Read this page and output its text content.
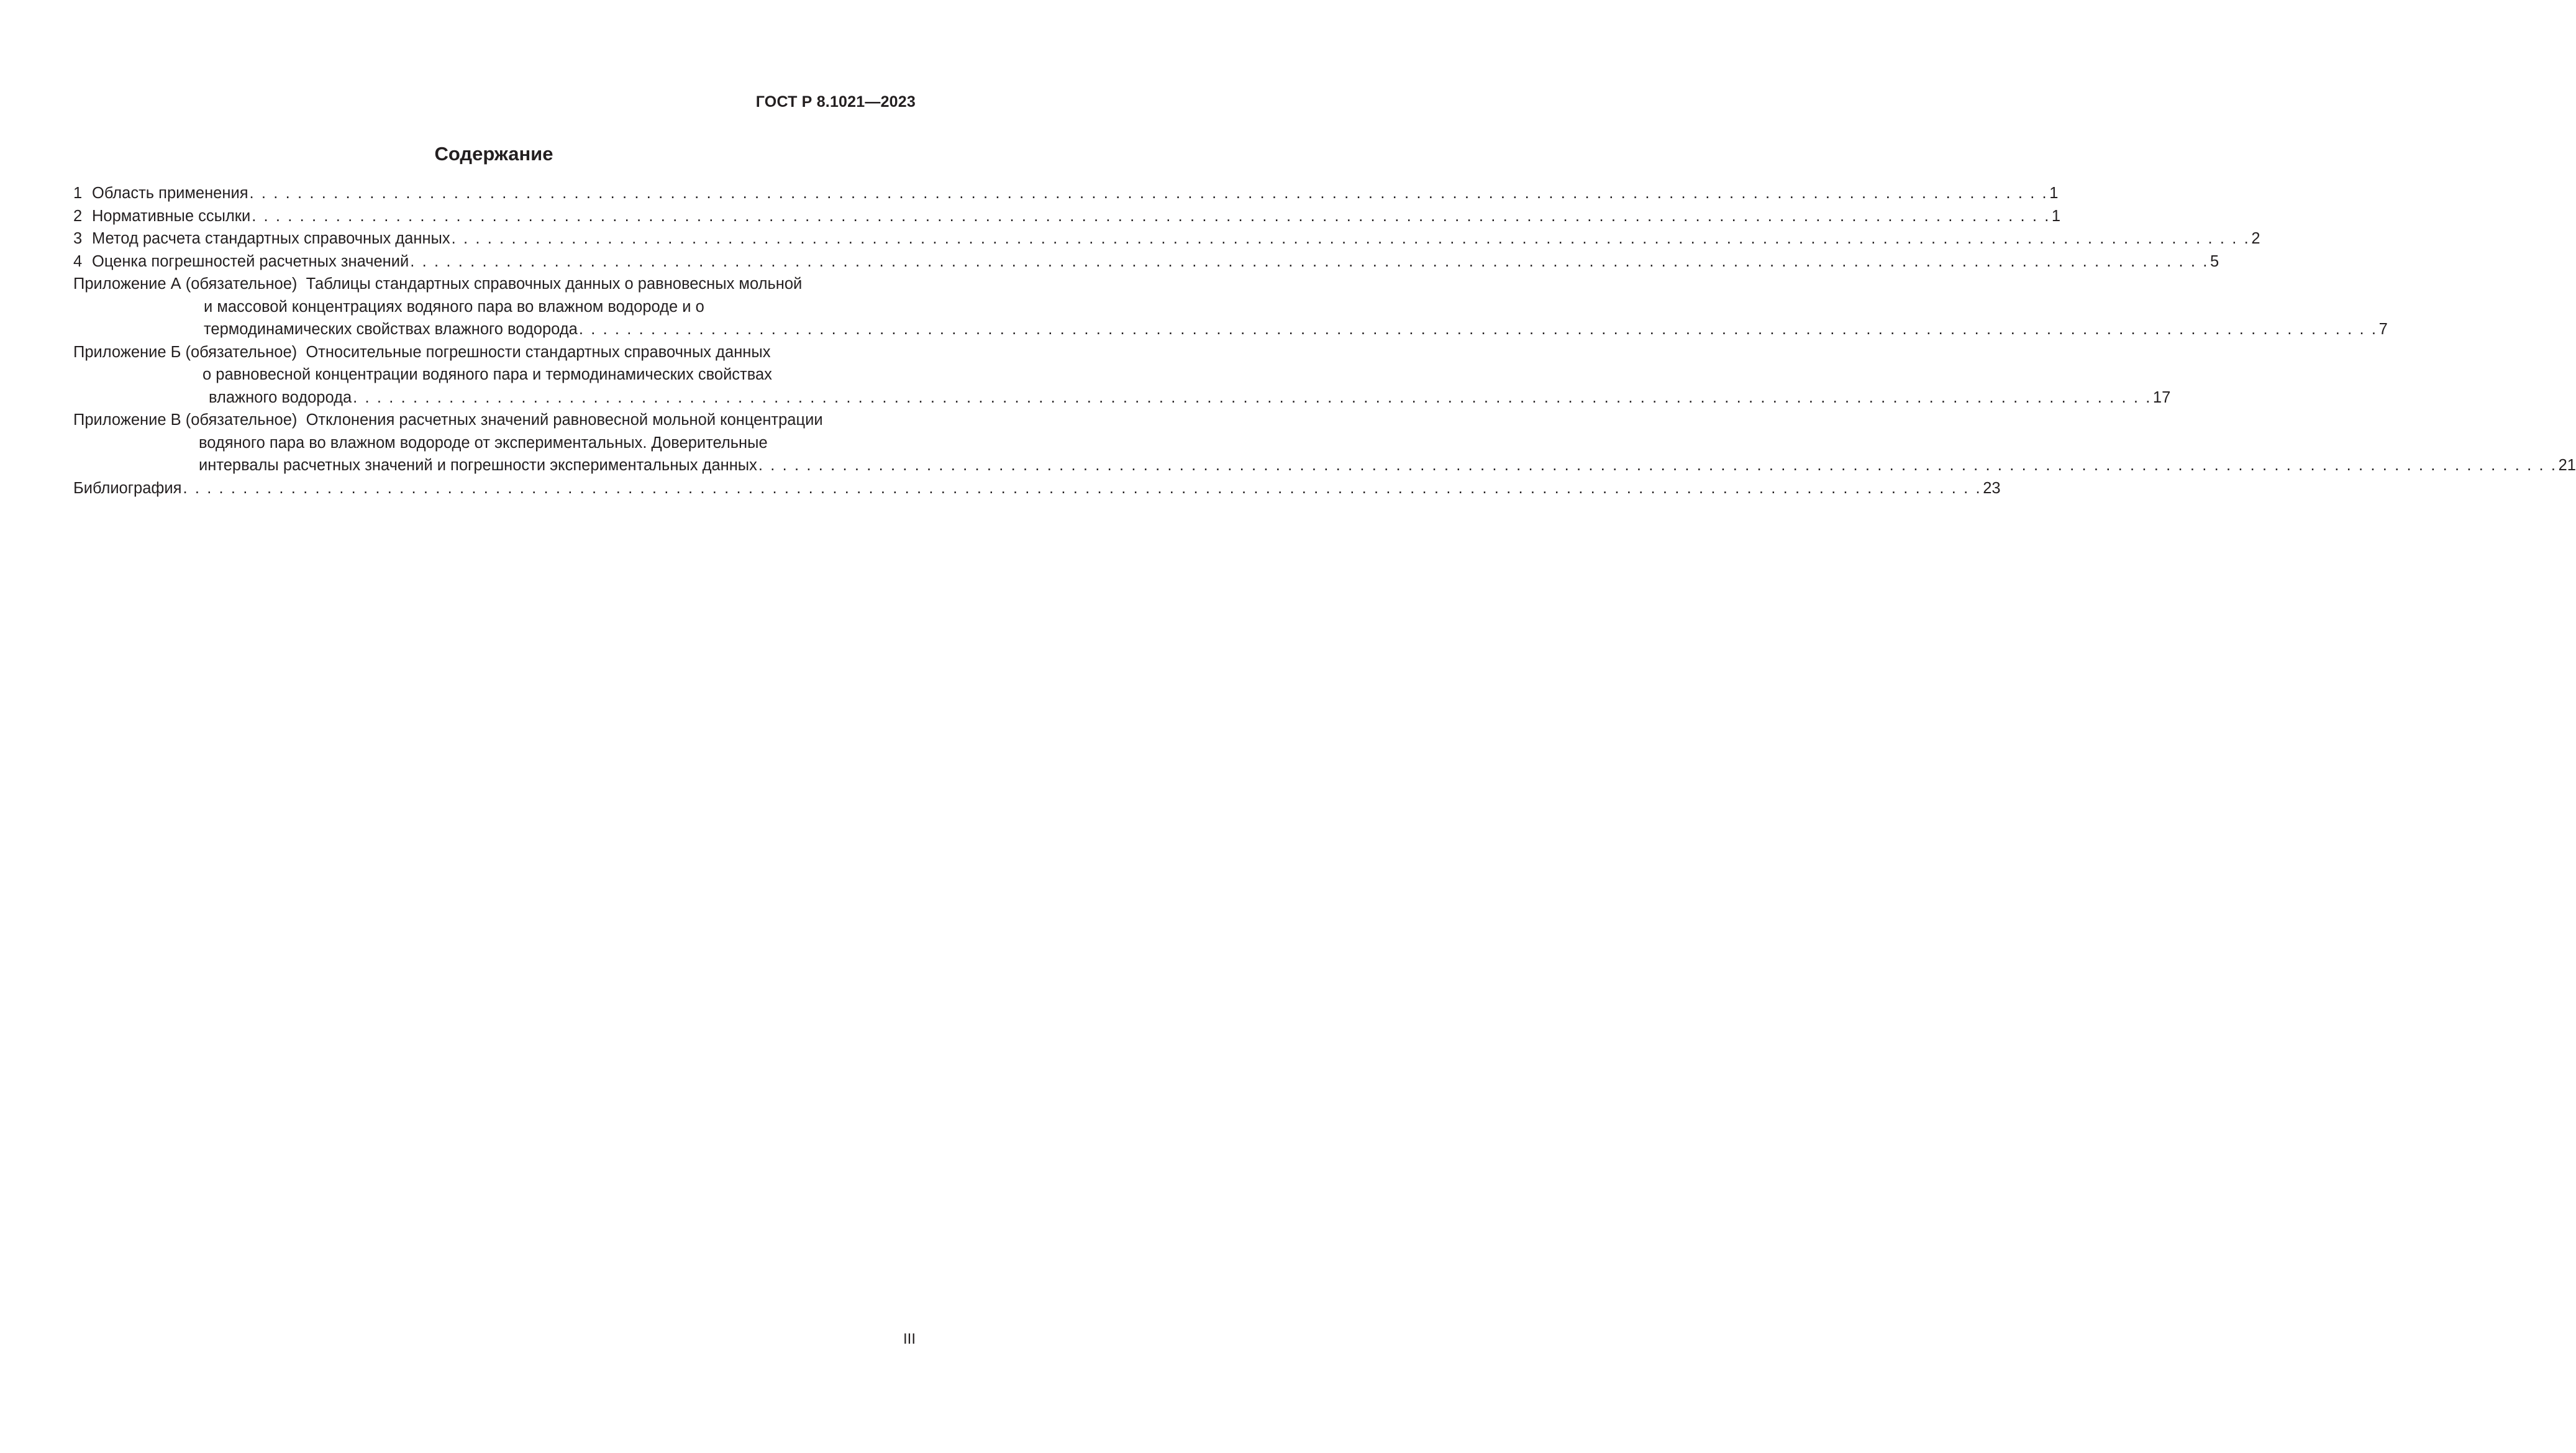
ГОСТ Р 8.1021—2023
Содержание
1 Область применения . . . . . . . . . . . . . . . . . . . . . . . . . . . . . . . . . . . . . . . . . . . . . . . . . . . . . . . . . . . . . . . . . . . . . . . . . . . . . . . . . . . . . . . . . . . . . . . . . . . . . . . . . . . . . . . . . . . . . . . . . . . . . . . . . . . . . . . . . . . . . . . . . . . . . . 1
2 Нормативные ссылки . . . . . . . . . . . . . . . . . . . . . . . . . . . . . . . . . . . . . . . . . . . . . . . . . . . . . . . . . . . . . . . . . . . . . . . . . . . . . . . . . . . . . . . . . . . . . . . . . . . . . . . . . . . . . . . . . . . . . . . . . . . . . . . . . . . . . . . . . . . . . . . . . . . . . . 1
3 Метод расчета стандартных справочных данных . . . . . . . . . . . . . . . . . . . . . . . . . . . . . . . . . . . . . . . . . . . . . . . . . . . . . . . . . . . . . . . . . . . . . . . . . . . . . . . . . . . . . . . . . . . . . . . . . . . . . . . . . . . . . . . . . . . . . . . . . . . . . . . . . . . . . . . . . . . . . . . . . . . . . . 2
4 Оценка погрешностей расчетных значений . . . . . . . . . . . . . . . . . . . . . . . . . . . . . . . . . . . . . . . . . . . . . . . . . . . . . . . . . . . . . . . . . . . . . . . . . . . . . . . . . . . . . . . . . . . . . . . . . . . . . . . . . . . . . . . . . . . . . . . . . . . . . . . . . . . . . . . . . . . . . . . . . . . . . . 5
Приложение А (обязательное) Таблицы стандартных справочных данных о равновесных мольной
и массовой концентрациях водяного пара во влажном водороде и о
термодинамических свойствах влажного водорода . . . . . . . . . . . . . . . . . . . . . . . . . . . . . . . . . . . . . . . . . . . . . . . . . . . . . . . . . . . . . . . . . . . . . . . . . . . . . . . . . . . . . . . . . . . . . . . . . . . . . . . . . . . . . . . . . . . . . . . . . . . . . . . . . . . . . . . . . . . . . . . . . . . . . . 7
Приложение Б (обязательное) Относительные погрешности стандартных справочных данных
о равновесной концентрации водяного пара и термодинамических свойствах
влажного водорода . . . . . . . . . . . . . . . . . . . . . . . . . . . . . . . . . . . . . . . . . . . . . . . . . . . . . . . . . . . . . . . . . . . . . . . . . . . . . . . . . . . . . . . . . . . . . . . . . . . . . . . . . . . . . . . . . . . . . . . . . . . . . . . . . . . . . . . . . . . . . . . . . . . . . . 17
Приложение В (обязательное) Отклонения расчетных значений равновесной мольной концентрации
водяного пара во влажном водороде от экспериментальных. Доверительные
интервалы расчетных значений и погрешности экспериментальных данных . . . . . . . . . . . . . . . . . . . . . . . . . . . . . . . . . . . . . . . . . . . . . . . . . . . . . . . . . . . . . . . . . . . . . . . . . . . . . . . . . . . . . . . . . . . . . . . . . . . . . . . . . . . . . . . . . . . . . . . . . . . . . . . . . . . . . . . . . . . . . . . . . . . . . . 21
Библиография . . . . . . . . . . . . . . . . . . . . . . . . . . . . . . . . . . . . . . . . . . . . . . . . . . . . . . . . . . . . . . . . . . . . . . . . . . . . . . . . . . . . . . . . . . . . . . . . . . . . . . . . . . . . . . . . . . . . . . . . . . . . . . . . . . . . . . . . . . . . . . . . . . . . . . 23
III
